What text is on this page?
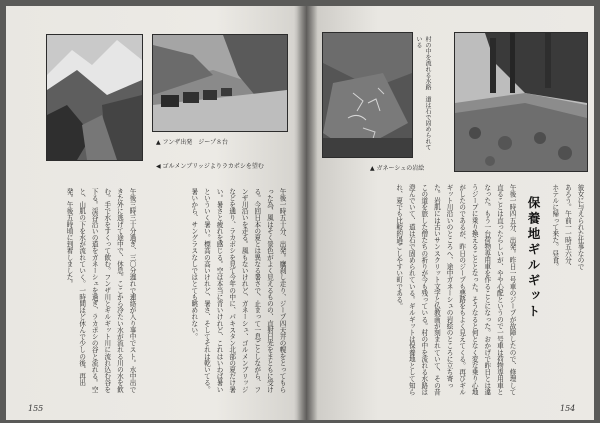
▲ フンザ出発　ジープ８台
◀ ゴルメンブリッジよりラカポシを望む

午後一時五十分、出発。鷹刹し走り、ジープ四天井の幌をとってもらった為、風はそく景色がよく見えるものの、直射日光をまともに受ける。今回日本の夏とは異なる暑さで、止まって一息ごとしながら、フンザ川沿いを走る。風もないけれど、ガネーシュ、ゴルメンブリッジなどを通り、ラカポシを見て今年の中に、パキスタン北部の夏だけ暑い。暑さと疲れを感じる。空は本当に青いけれど、これはいわば暑いといういく暑い。標高の高いけれど、暑さ、そしてそれは乾いてる。暑いから、サングラスなしではとても眺めれない。

午後三時三十分過ぎ、三〇分遅れで連絡が入り事中でスト。水中出できた外に逃げて途中で、休息。ここから冷たい水が流れる川の水を飲む。手で水をすくって飲む。フンザ川とギルギット川に流れ込む谷を下る。渓谷沿いの道をガネーシュを過ぎ、ラカポシの谷と流れる。空と、山肌の下を水が流れていく。一時間ほど休んで少しの後、再出発。午後五時頃に到着しました。

155
村の中を流れる水路　道は石で固められている
▲ ガネーシュの岩絵

彼女に与えられた仕事なのであろう。午前一一時五六分、ホテルに帰って来た。昼食。

保養地ギルギット

午後一時四五分、出発。昨日一号車のジープが故障したので、修理して直ることは直ったらしいが、やや心配というので一号車は荷物専用車となった。もう一台荷物専用車を作ることになった。おかげで昨日とは違うジープに乗り換えることとなった。そうなると何となく変な乗り心地がしたのであるが、昨日のジープも悪路をもよく見えてくる。再びギルギット川沿いのところへ、途中ガネーシュの岩絵のところに立ち寄った。岩肌には古いサンスクリット文字と仏教画が刻まれていて、その昔この道を旅した僧たちの祈りが今も残っている。村の中を流れる水路は澄んでいて、道は石で固められている。ギルギットは保養地として知られ、夏でも比較的過ごしやすい町である。

154
